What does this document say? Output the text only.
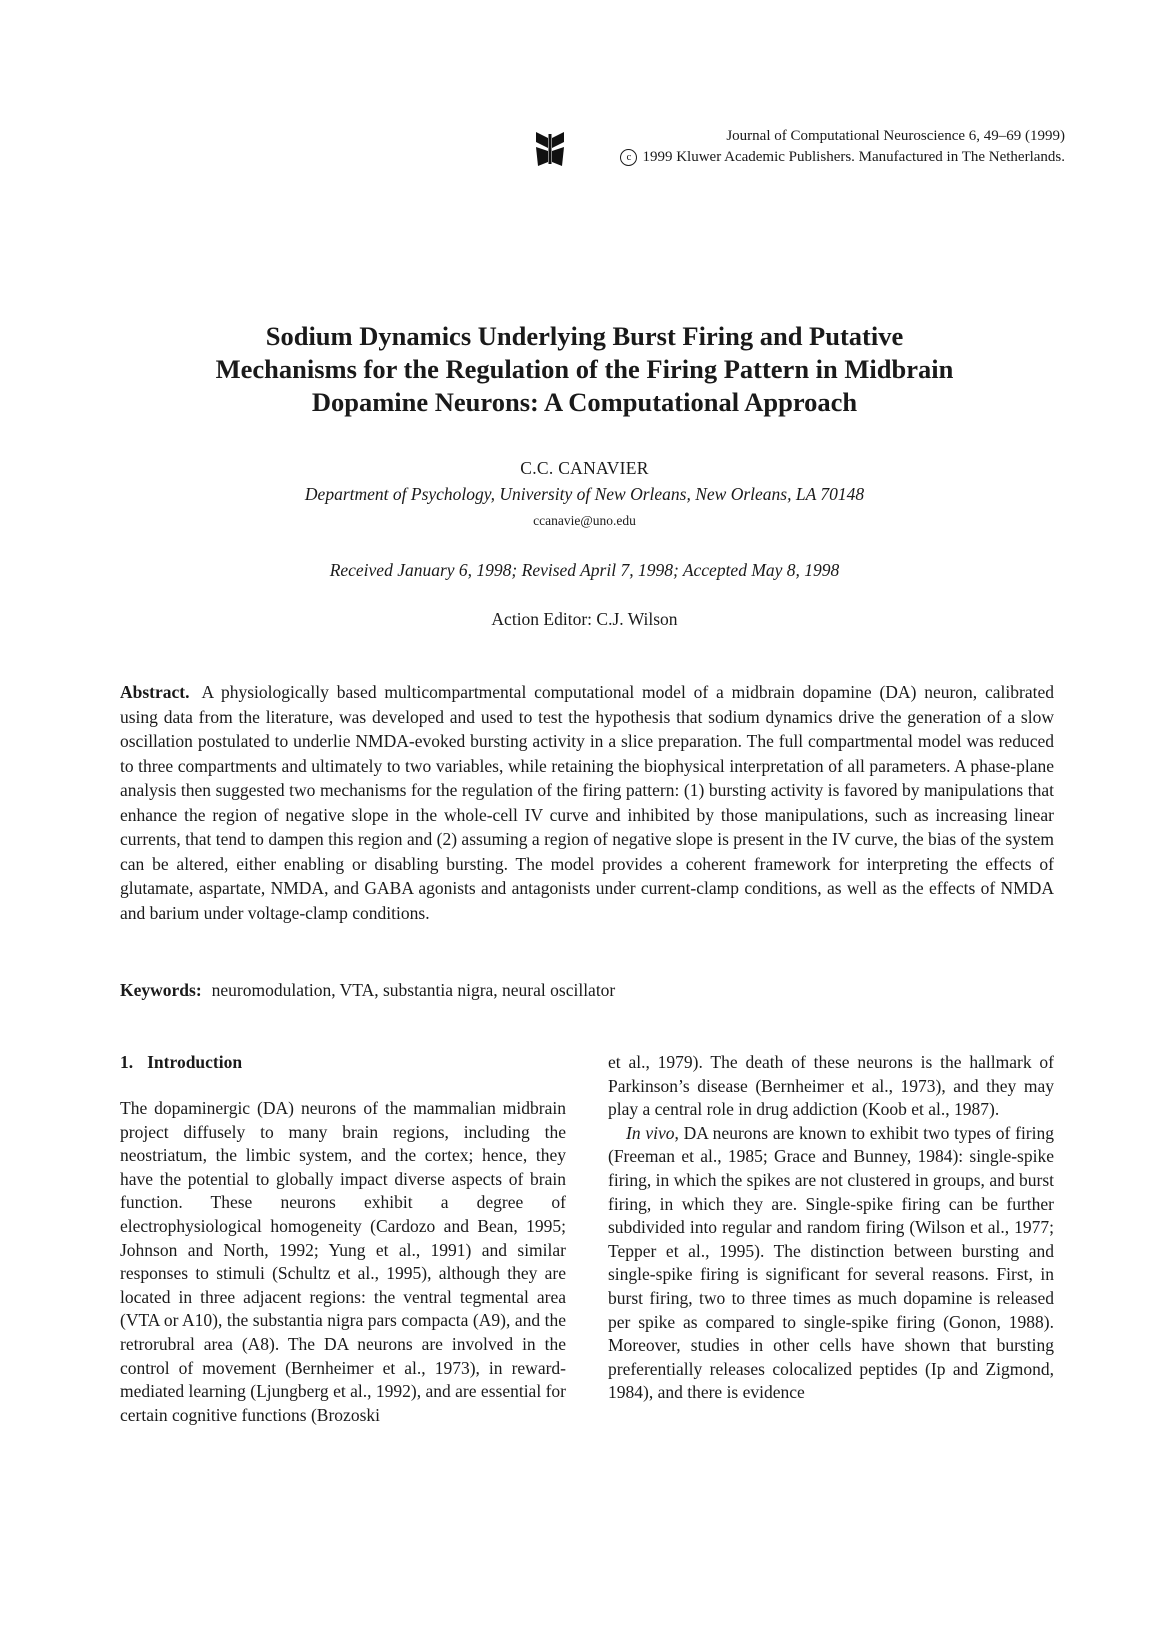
Journal of Computational Neuroscience 6, 49–69 (1999)
c 1999 Kluwer Academic Publishers. Manufactured in The Netherlands.
Sodium Dynamics Underlying Burst Firing and Putative
Mechanisms for the Regulation of the Firing Pattern in Midbrain
Dopamine Neurons: A Computational Approach
C.C. CANAVIER
Department of Psychology, University of New Orleans, New Orleans, LA 70148
ccanavie@uno.edu
Received January 6, 1998; Revised April 7, 1998; Accepted May 8, 1998
Action Editor: C.J. Wilson

Abstract. A physiologically based multicompartmental computational model of a midbrain dopamine (DA) neuron, calibrated using data from the literature, was developed and used to test the hypothesis that sodium dynamics drive the generation of a slow oscillation postulated to underlie NMDA-evoked bursting activity in a slice preparation. The full compartmental model was reduced to three compartments and ultimately to two variables, while retaining the biophysical interpretation of all parameters. A phase-plane analysis then suggested two mechanisms for the regulation of the firing pattern: (1) bursting activity is favored by manipulations that enhance the region of negative slope in the whole-cell IV curve and inhibited by those manipulations, such as increasing linear currents, that tend to dampen this region and (2) assuming a region of negative slope is present in the IV curve, the bias of the system can be altered, either enabling or disabling bursting. The model provides a coherent framework for interpreting the effects of glutamate, aspartate, NMDA, and GABA agonists and antagonists under current-clamp conditions, as well as the effects of NMDA and barium under voltage-clamp conditions.

Keywords: neuromodulation, VTA, substantia nigra, neural oscillator
1. Introduction

The dopaminergic (DA) neurons of the mammalian midbrain project diffusely to many brain regions, including the neostriatum, the limbic system, and the cortex; hence, they have the potential to globally impact diverse aspects of brain function. These neurons exhibit a degree of electrophysiological homogeneity (Cardozo and Bean, 1995; Johnson and North, 1992; Yung et al., 1991) and similar responses to stimuli (Schultz et al., 1995), although they are located in three adjacent regions: the ventral tegmental area (VTA or A10), the substantia nigra pars compacta (A9), and the retrorubral area (A8). The DA neurons are involved in the control of movement (Bernheimer et al., 1973), in reward-mediated learning (Ljungberg et al., 1992), and are essential for certain cognitive functions (Brozoski

et al., 1979). The death of these neurons is the hallmark of Parkinson’s disease (Bernheimer et al., 1973), and they may play a central role in drug addiction (Koob et al., 1987).

In vivo, DA neurons are known to exhibit two types of firing (Freeman et al., 1985; Grace and Bunney, 1984): single-spike firing, in which the spikes are not clustered in groups, and burst firing, in which they are. Single-spike firing can be further subdivided into regular and random firing (Wilson et al., 1977; Tepper et al., 1995). The distinction between bursting and single-spike firing is significant for several reasons. First, in burst firing, two to three times as much dopamine is released per spike as compared to single-spike firing (Gonon, 1988). Moreover, studies in other cells have shown that bursting preferentially releases colocalized peptides (Ip and Zigmond, 1984), and there is evidence
